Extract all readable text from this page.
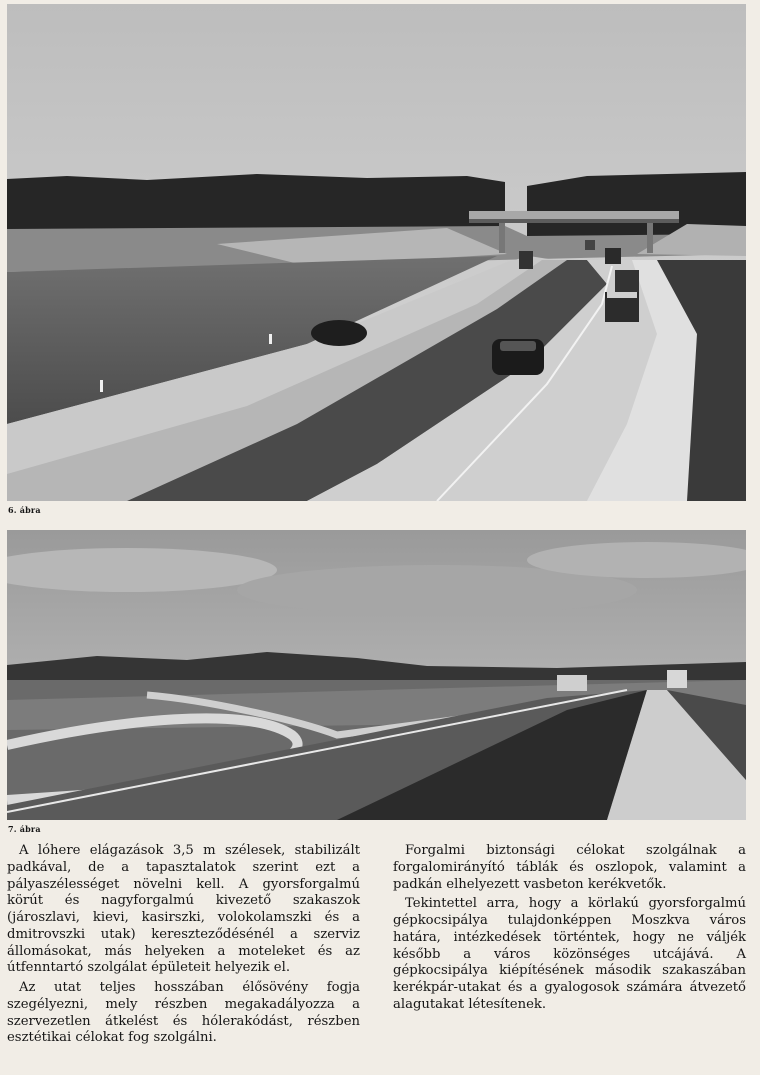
6. ábra

7. ábra

A lóhere elágazások 3,5 m szélesek, stabilizált padkával, de a tapasztalatok szerint ezt a pályaszélességet növelni kell. A gyorsforgalmú körút és nagyforgalmú kivezető szakaszok (jároszlavi, kievi, kasirszki, volokolamszki és a dmitrovszki utak) kereszteződésénél a szerviz állomásokat, más helyeken a moteleket és az útfenntartó szolgálat épületeit helyezik el.

Az utat teljes hosszában élősövény fogja szegélyezni, mely részben megakadályozza a szervezetlen átkelést és hólerakódást, részben esztétikai célokat fog szolgálni.

Forgalmi biztonsági célokat szolgálnak a forgalomirányító táblák és oszlopok, valamint a padkán elhelyezett vasbeton kerékvetők.

Tekintettel arra, hogy a körlakú gyorsforgalmú gépkocsipálya tulajdonképpen Moszkva város határa, intézkedések történtek, hogy ne váljék később a város közönséges utcájává. A gépkocsipálya kiépítésének második szakaszában kerékpár-utakat és a gyalogosok számára átvezető alagutakat létesítenek.
